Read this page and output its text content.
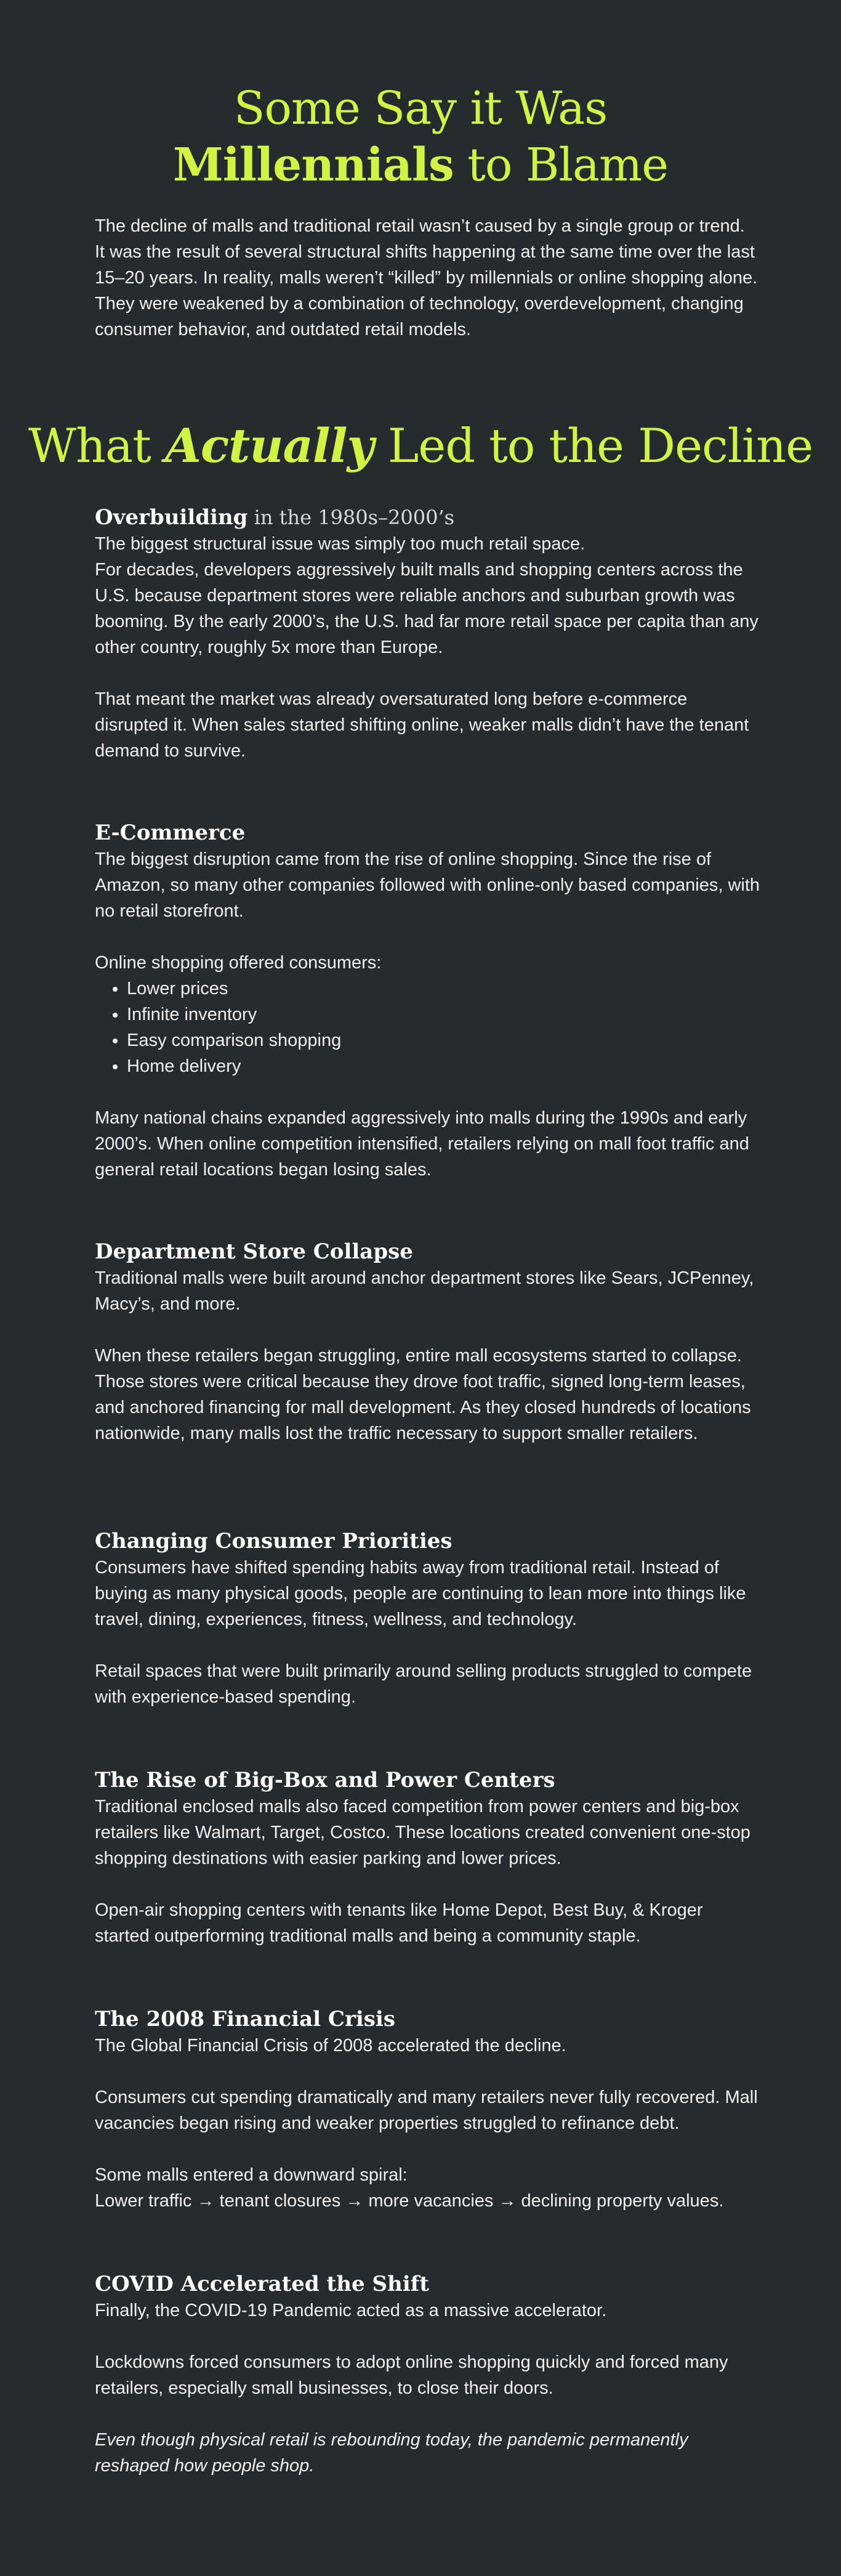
Some Say it Was
Millennials to Blame

The decline of malls and traditional retail wasn’t caused by a single group or trend. It was the result of several structural shifts happening at the same time over the last 15–20 years. In reality, malls weren’t “killed” by millennials or online shopping alone. They were weakened by a combination of technology, overdevelopment, changing consumer behavior, and outdated retail models.

What Actually Led to the Decline
Overbuilding in the 1980s–2000’s

The biggest structural issue was simply too much retail space.

For decades, developers aggressively built malls and shopping centers across the U.S. because department stores were reliable anchors and suburban growth was booming. By the early 2000’s, the U.S. had far more retail space per capita than any other country, roughly 5x more than Europe.

That meant the market was already oversaturated long before e-commerce disrupted it. When sales started shifting online, weaker malls didn’t have the tenant demand to survive.

E-Commerce

The biggest disruption came from the rise of online shopping. Since the rise of Amazon, so many other companies followed with online-only based companies, with no retail storefront.

Online shopping offered consumers:

• Lower prices
• Infinite inventory
• Easy comparison shopping
• Home delivery

Many national chains expanded aggressively into malls during the 1990s and early 2000’s. When online competition intensified, retailers relying on mall foot traffic and general retail locations began losing sales.

Department Store Collapse

Traditional malls were built around anchor department stores like Sears, JCPenney, Macy’s, and more.

When these retailers began struggling, entire mall ecosystems started to collapse. Those stores were critical because they drove foot traffic, signed long-term leases, and anchored financing for mall development. As they closed hundreds of locations nationwide, many malls lost the traffic necessary to support smaller retailers.

Changing Consumer Priorities

Consumers have shifted spending habits away from traditional retail. Instead of buying as many physical goods, people are continuing to lean more into things like travel, dining, experiences, fitness, wellness, and technology.

Retail spaces that were built primarily around selling products struggled to compete with experience-based spending.

The Rise of Big-Box and Power Centers

Traditional enclosed malls also faced competition from power centers and big-box retailers like Walmart, Target, Costco. These locations created convenient one-stop shopping destinations with easier parking and lower prices.

Open-air shopping centers with tenants like Home Depot, Best Buy, & Kroger started outperforming traditional malls and being a community staple.

The 2008 Financial Crisis

The Global Financial Crisis of 2008 accelerated the decline.

Consumers cut spending dramatically and many retailers never fully recovered. Mall vacancies began rising and weaker properties struggled to refinance debt.

Some malls entered a downward spiral:

Lower traffic → tenant closures → more vacancies → declining property values.

COVID Accelerated the Shift

Finally, the COVID-19 Pandemic acted as a massive accelerator.

Lockdowns forced consumers to adopt online shopping quickly and forced many retailers, especially small businesses, to close their doors.

Even though physical retail is rebounding today, the pandemic permanently reshaped how people shop.
